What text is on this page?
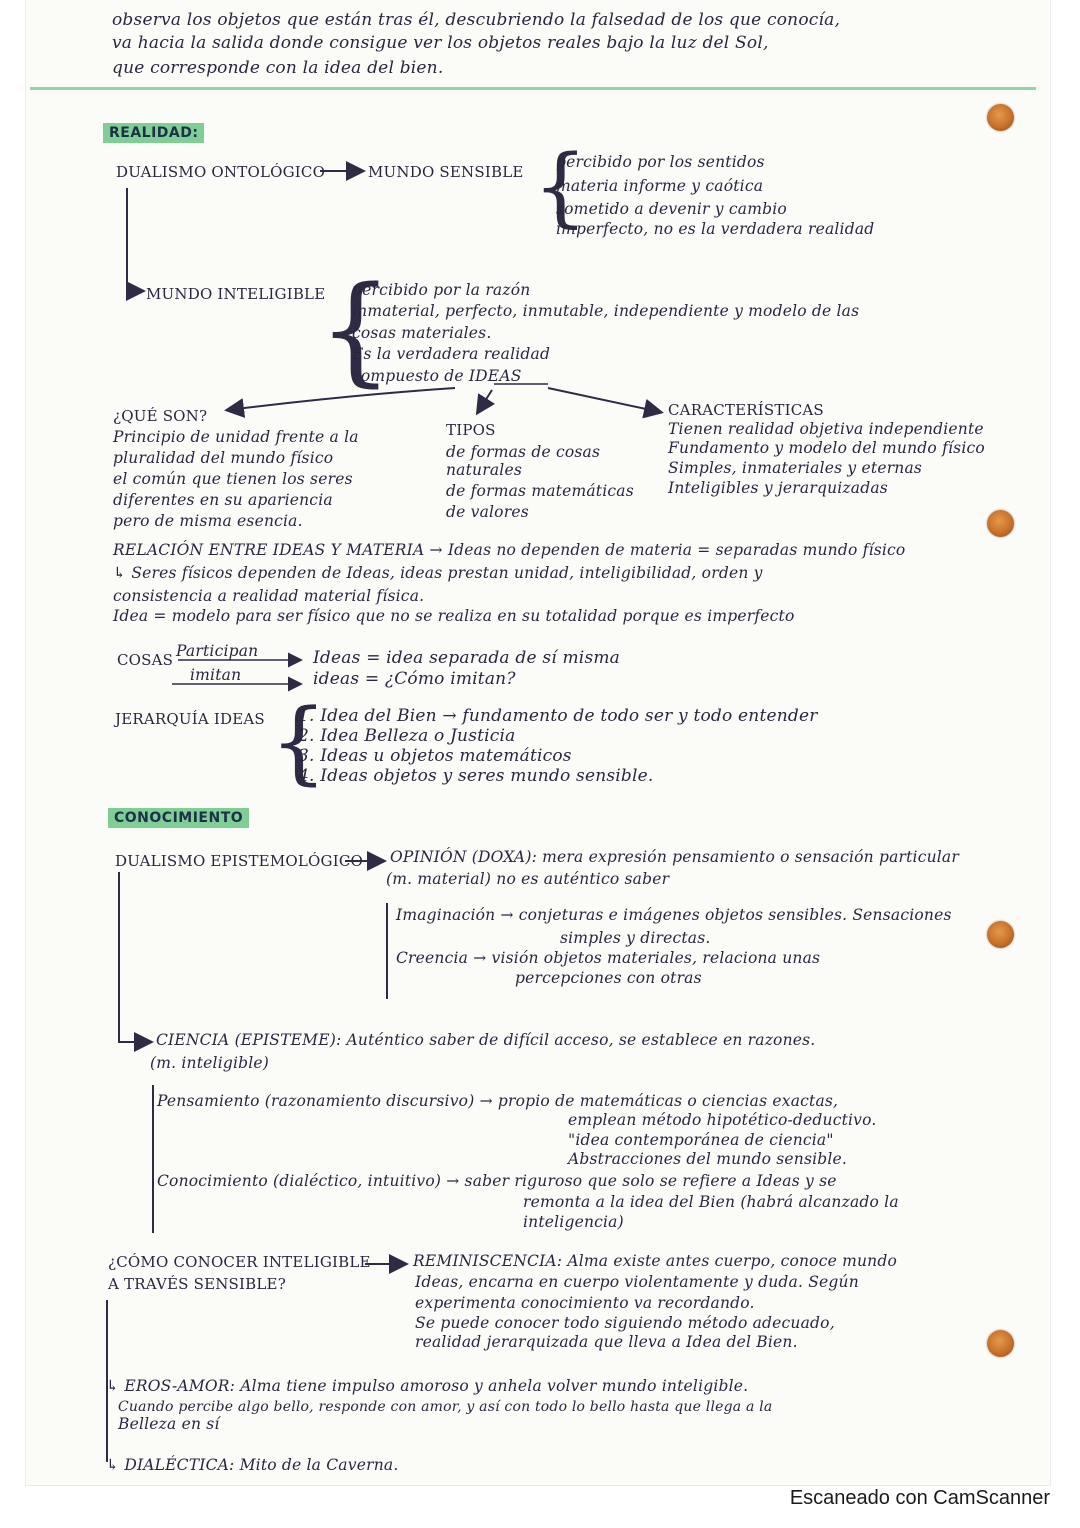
observa los objetos que están tras él, descubriendo la falsedad de los que conocía,
va hacia la salida donde consigue ver los objetos reales bajo la luz del Sol,
que corresponde con la idea del bien.
REALIDAD:
DUALISMO ONTOLÓGICO	MUNDO SENSIBLE {
percibido por los sentidos
materia informe y caótica
sometido a devenir y cambio
imperfecto, no es la verdadera realidad
MUNDO INTELIGIBLE
{
percibido por la razón
inmaterial, perfecto, inmutable, independiente y modelo de las
cosas materiales.
Es la verdadera realidad
compuesto de IDEAS
¿QUÉ SON?
Principio de unidad frente a la
pluralidad del mundo físico
el común que tienen los seres
diferentes en su apariencia
pero de misma esencia.
TIPOS
de formas de cosas
naturales
de formas matemáticas
de valores
CARACTERÍSTICAS
Tienen realidad objetiva independiente
Fundamento y modelo del mundo físico
Simples, inmateriales y eternas
Inteligibles y jerarquizadas
RELACIÓN ENTRE IDEAS Y MATERIA → Ideas no dependen de materia = separadas mundo físico
↳ Seres físicos dependen de Ideas, ideas prestan unidad, inteligibilidad, orden y
consistencia a realidad material física.
Idea = modelo para ser físico que no se realiza en su totalidad porque es imperfecto
COSAS Participan	Ideas = idea separada de sí misma
imitan	ideas = ¿Cómo imitan?
JERARQUÍA IDEAS {
1. Idea del Bien → fundamento de todo ser y todo entender
2. Idea Belleza o Justicia
3. Ideas u objetos matemáticos
4. Ideas objetos y seres mundo sensible.
CONOCIMIENTO
DUALISMO EPISTEMOLÓGICO OPINIÓN (DOXA): mera expresión pensamiento o sensación particular
(m. material) no es auténtico saber
Imaginación → conjeturas e imágenes objetos sensibles. Sensaciones
simples y directas.
Creencia → visión objetos materiales, relaciona unas
percepciones con otras
CIENCIA (EPISTEME): Auténtico saber de difícil acceso, se establece en razones.
(m. inteligible)
Pensamiento (razonamiento discursivo) → propio de matemáticas o ciencias exactas,
emplean método hipotético-deductivo.
"idea contemporánea de ciencia"
Abstracciones del mundo sensible.
Conocimiento (dialéctico, intuitivo) → saber riguroso que solo se refiere a Ideas y se
remonta a la idea del Bien (habrá alcanzado la
inteligencia)
¿CÓMO CONOCER INTELIGIBLE
A TRAVÉS SENSIBLE?
REMINISCENCIA: Alma existe antes cuerpo, conoce mundo
Ideas, encarna en cuerpo violentamente y duda. Según
experimenta conocimiento va recordando.
Se puede conocer todo siguiendo método adecuado,
realidad jerarquizada que lleva a Idea del Bien.
↳ EROS-AMOR: Alma tiene impulso amoroso y anhela volver mundo inteligible.
Cuando percibe algo bello, responde con amor, y así con todo lo bello hasta que llega a la
Belleza en sí
↳ DIALÉCTICA: Mito de la Caverna.
Escaneado con CamScanner
